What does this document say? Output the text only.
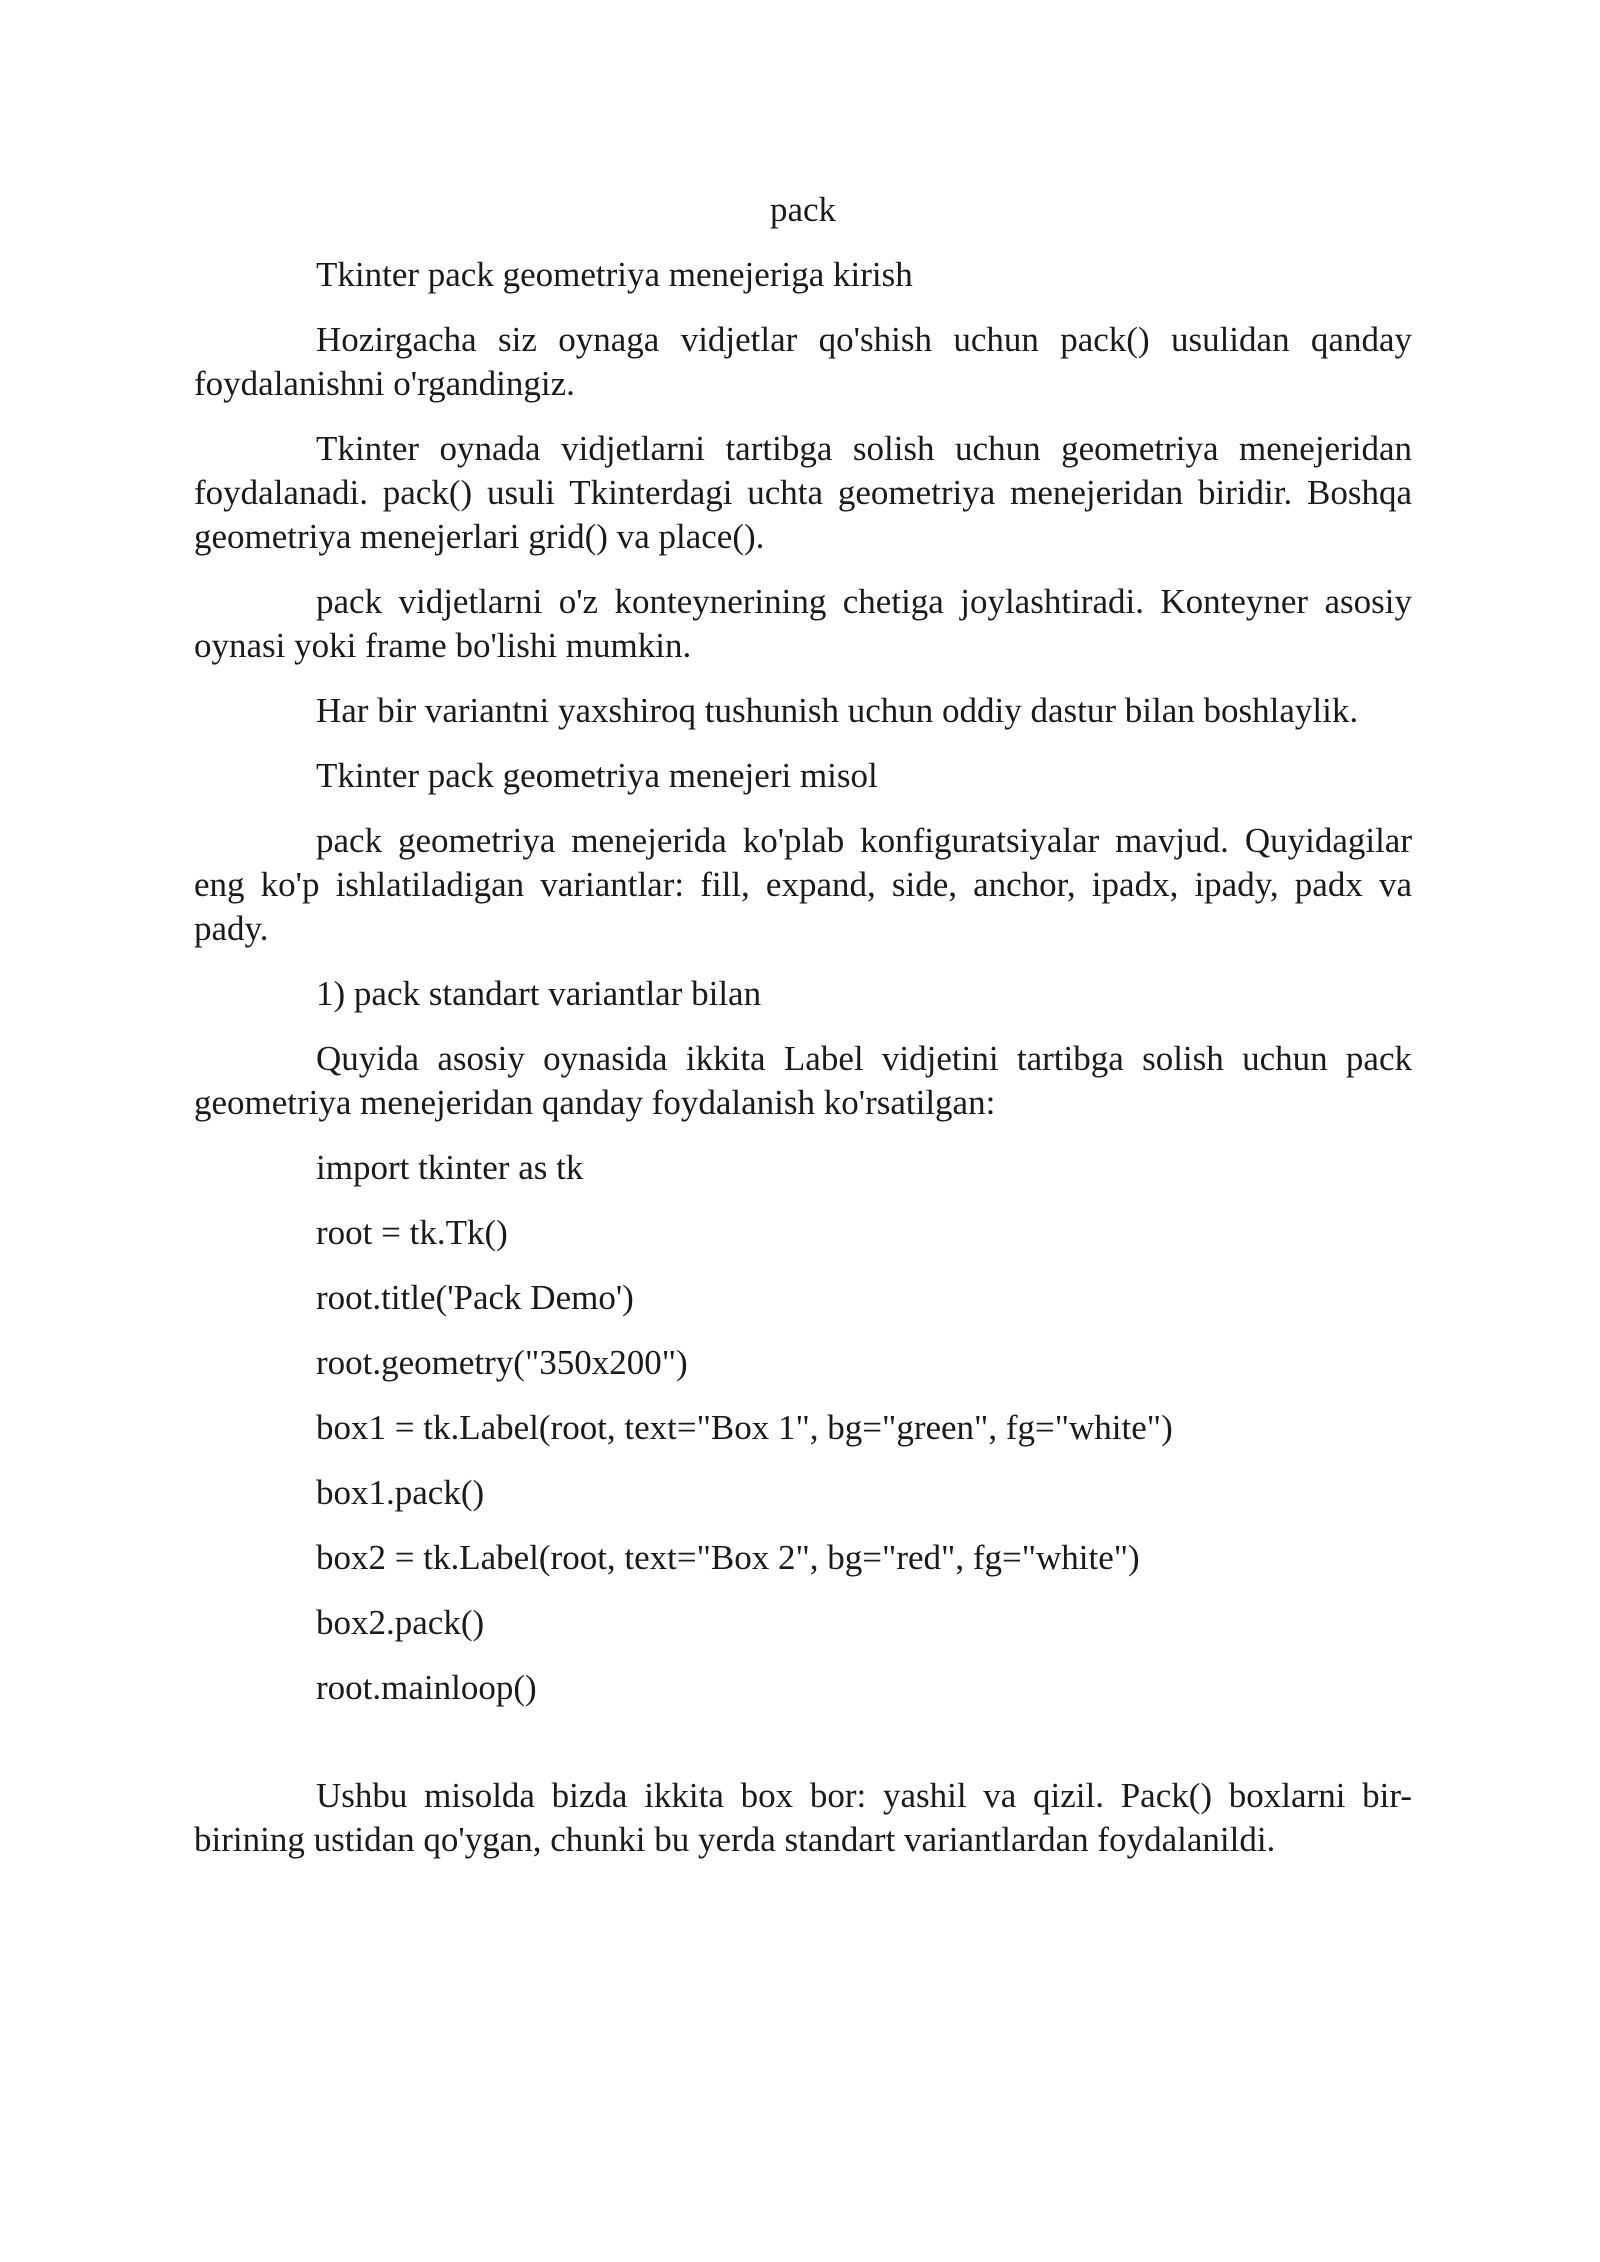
pack
Tkinter pack geometriya menejeriga kirish
Hozirgacha siz oynaga vidjetlar qo'shish uchun pack() usulidan qanday foydalanishni o'rgandingiz.
Tkinter oynada vidjetlarni tartibga solish uchun geometriya menejeridan foydalanadi. pack() usuli Tkinterdagi uchta geometriya menejeridan biridir. Boshqa geometriya menejerlari grid() va place().
pack vidjetlarni o'z konteynerining chetiga joylashtiradi. Konteyner asosiy oynasi yoki frame bo'lishi mumkin.
Har bir variantni yaxshiroq tushunish uchun oddiy dastur bilan boshlaylik.
Tkinter pack geometriya menejeri misol
pack geometriya menejerida ko'plab konfiguratsiyalar mavjud. Quyidagilar eng ko'p ishlatiladigan variantlar: fill, expand, side, anchor, ipadx, ipady, padx va pady.
1) pack standart variantlar bilan
Quyida asosiy oynasida ikkita Label vidjetini tartibga solish uchun pack geometriya menejeridan qanday foydalanish ko'rsatilgan:
import tkinter as tk
root = tk.Tk()
root.title('Pack Demo')
root.geometry("350x200")
box1 = tk.Label(root, text="Box 1", bg="green", fg="white")
box1.pack()
box2 = tk.Label(root, text="Box 2", bg="red", fg="white")
box2.pack()
root.mainloop()
Ushbu misolda bizda ikkita box bor: yashil va qizil. Pack() boxlarni bir-birining ustidan qo'ygan, chunki bu yerda standart variantlardan foydalanildi.
